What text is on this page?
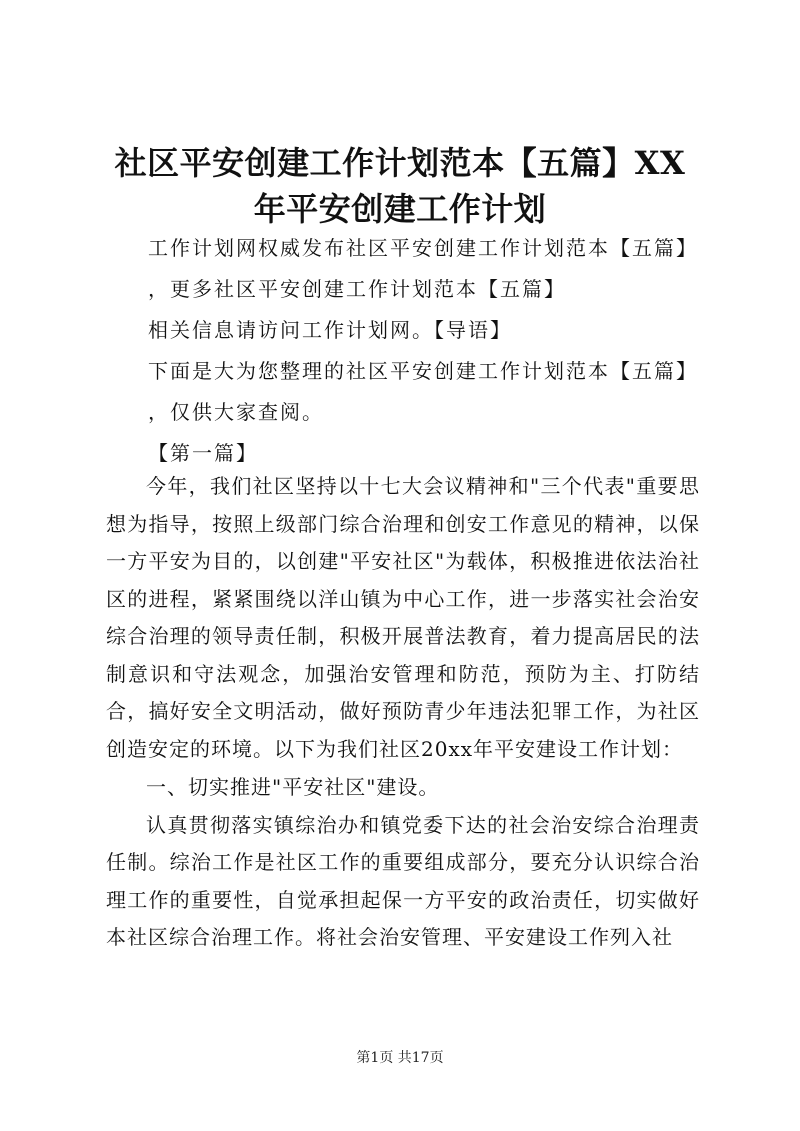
社区平安创建工作计划范本【五篇】XX年平安创建工作计划

工作计划网权威发布社区平安创建工作计划范本【五篇】

，更多社区平安创建工作计划范本【五篇】

相关信息请访问工作计划网。【导语】

下面是大为您整理的社区平安创建工作计划范本【五篇】

，仅供大家查阅。

【第一篇】

今年，我们社区坚持以十七大会议精神和"三个代表"重要思想为指导，按照上级部门综合治理和创安工作意见的精神，以保一方平安为目的，以创建"平安社区"为载体，积极推进依法治社区的进程，紧紧围绕以洋山镇为中心工作，进一步落实社会治安综合治理的领导责任制，积极开展普法教育，着力提高居民的法制意识和守法观念，加强治安管理和防范，预防为主、打防结合，搞好安全文明活动，做好预防青少年违法犯罪工作，为社区创造安定的环境。以下为我们社区20xx年平安建设工作计划：

一、切实推进"平安社区"建设。

认真贯彻落实镇综治办和镇党委下达的社会治安综合治理责任制。综治工作是社区工作的重要组成部分，要充分认识综合治理工作的重要性，自觉承担起保一方平安的政治责任，切实做好本社区综合治理工作。将社会治安管理、平安建设工作列入社

第1页 共17页
